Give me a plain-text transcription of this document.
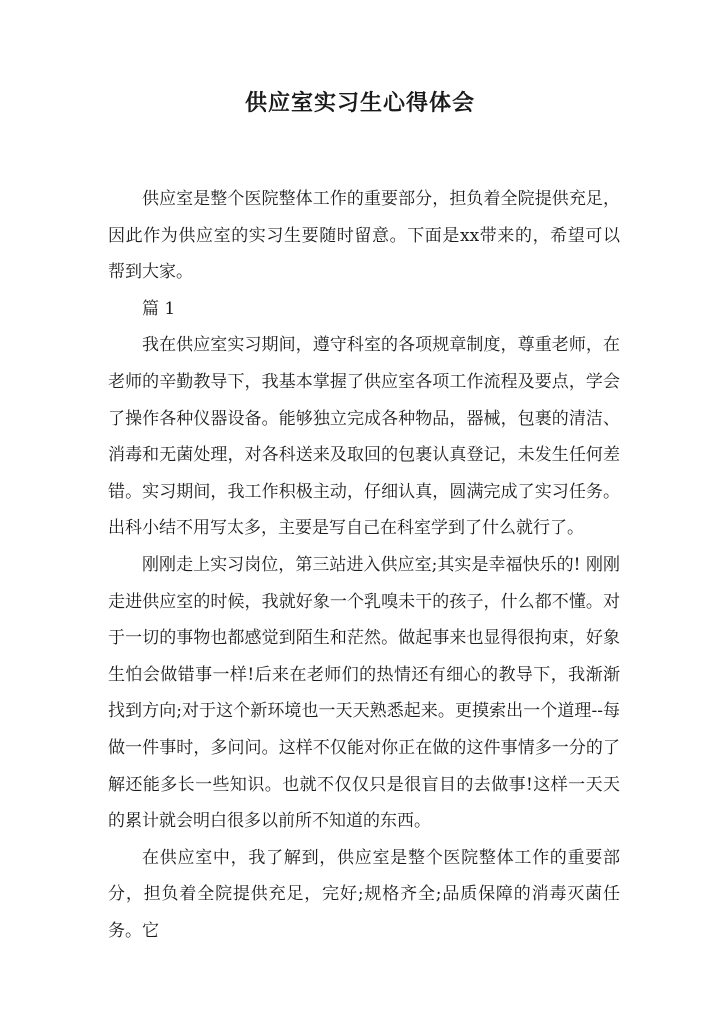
供应室实习生心得体会

供应室是整个医院整体工作的重要部分，担负着全院提供充足，因此作为供应室的实习生要随时留意。下面是xx带来的，希望可以帮到大家。

篇 1

我在供应室实习期间，遵守科室的各项规章制度，尊重老师，在老师的辛勤教导下，我基本掌握了供应室各项工作流程及要点，学会了操作各种仪器设备。能够独立完成各种物品，器械，包裹的清洁、消毒和无菌处理，对各科送来及取回的包裹认真登记，未发生任何差错。实习期间，我工作积极主动，仔细认真，圆满完成了实习任务。出科小结不用写太多，主要是写自己在科室学到了什么就行了。

刚刚走上实习岗位，第三站进入供应室;其实是幸福快乐的! 刚刚走进供应室的时候，我就好象一个乳嗅未干的孩子，什么都不懂。对于一切的事物也都感觉到陌生和茫然。做起事来也显得很拘束，好象生怕会做错事一样!后来在老师们的热情还有细心的教导下，我渐渐找到方向;对于这个新环境也一天天熟悉起来。更摸索出一个道理--每做一件事时，多问问。这样不仅能对你正在做的这件事情多一分的了解还能多长一些知识。也就不仅仅只是很盲目的去做事!这样一天天的累计就会明白很多以前所不知道的东西。

在供应室中，我了解到，供应室是整个医院整体工作的重要部分，担负着全院提供充足，完好;规格齐全;品质保障的消毒灭菌任务。它
